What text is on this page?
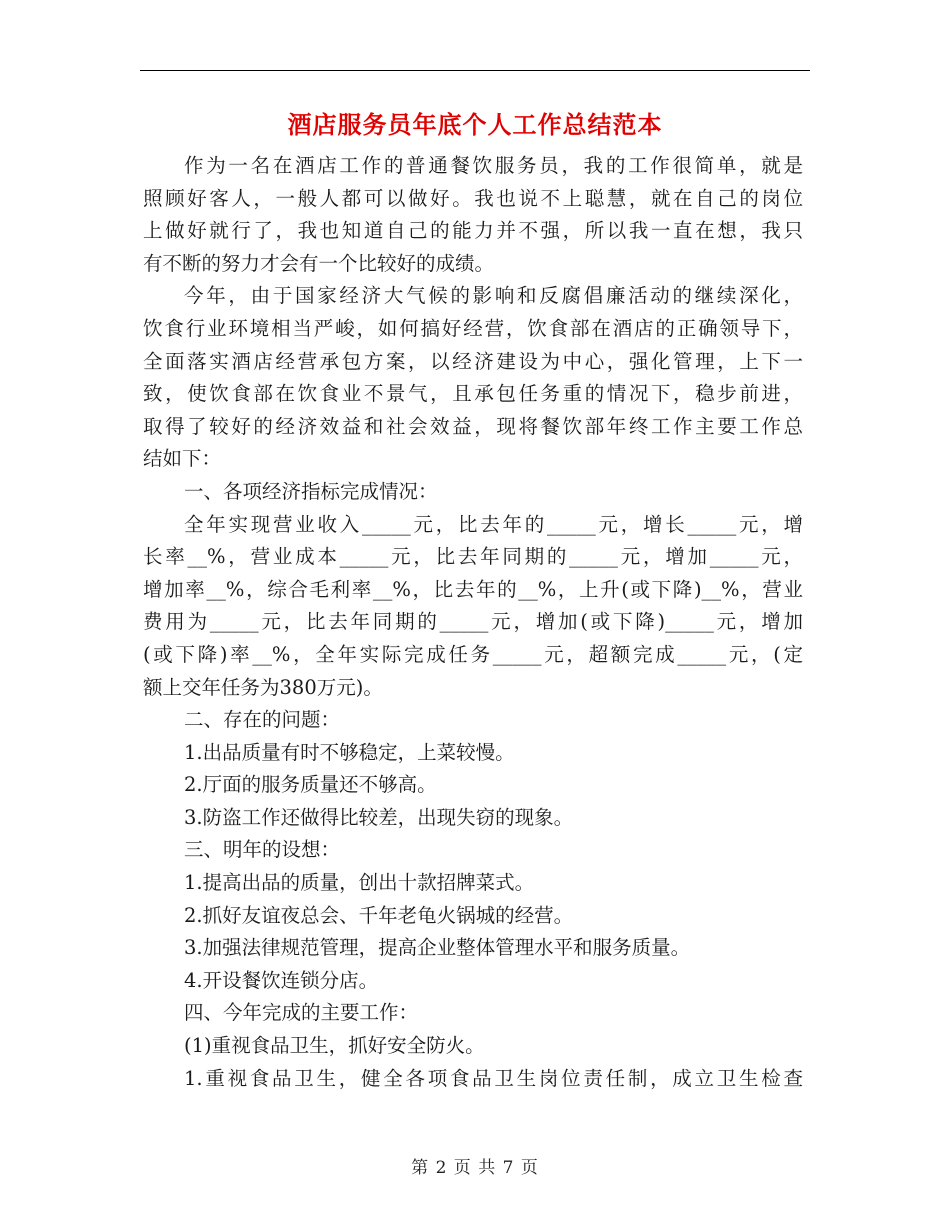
酒店服务员年底个人工作总结范本
作为一名在酒店工作的普通餐饮服务员，我的工作很简单，就是
照顾好客人，一般人都可以做好。我也说不上聪慧，就在自己的岗位
上做好就行了，我也知道自己的能力并不强，所以我一直在想，我只
有不断的努力才会有一个比较好的成绩。
今年，由于国家经济大气候的影响和反腐倡廉活动的继续深化，
饮食行业环境相当严峻，如何搞好经营，饮食部在酒店的正确领导下，
全面落实酒店经营承包方案，以经济建设为中心，强化管理，上下一
致，使饮食部在饮食业不景气，且承包任务重的情况下，稳步前进，
取得了较好的经济效益和社会效益，现将餐饮部年终工作主要工作总
结如下：
一、各项经济指标完成情况：
全年实现营业收入_____元，比去年的_____元，增长_____元，增
长率__%，营业成本_____元，比去年同期的_____元，增加_____元，
增加率__%，综合毛利率__%，比去年的__%，上升(或下降)__%，营业
费用为_____元，比去年同期的_____元，增加(或下降)_____元，增加
(或下降)率__%，全年实际完成任务_____元，超额完成_____元，(定
额上交年任务为380万元)。
二、存在的问题：
1.出品质量有时不够稳定，上菜较慢。
2.厅面的服务质量还不够高。
3.防盗工作还做得比较差，出现失窃的现象。
三、明年的设想：
1.提高出品的质量，创出十款招牌菜式。
2.抓好友谊夜总会、千年老龟火锅城的经营。
3.加强法律规范管理，提高企业整体管理水平和服务质量。
4.开设餐饮连锁分店。
四、今年完成的主要工作：
(1)重视食品卫生，抓好安全防火。
1.重视食品卫生，健全各项食品卫生岗位责任制，成立卫生检查
第 2 页 共 7 页
